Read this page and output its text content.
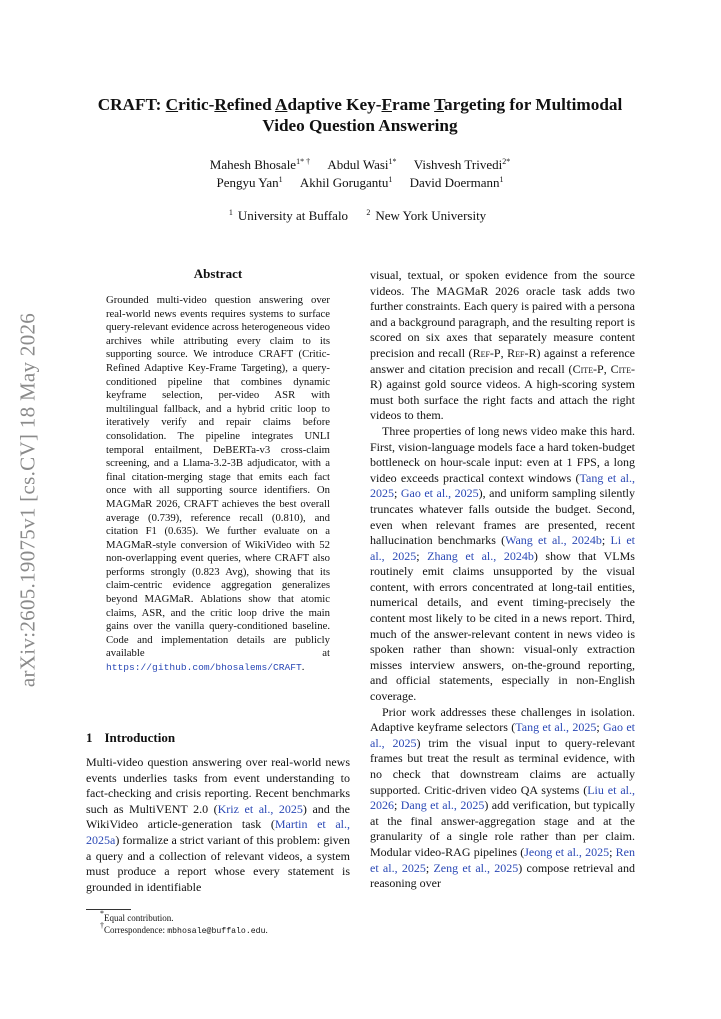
arXiv:2605.19075v1 [cs.CV] 18 May 2026
CRAFT: Critic-Refined Adaptive Key-Frame Targeting for Multimodal
Video Question Answering
Mahesh Bhosale$^{1* \dagger}$ Abdul Wasi$^{1*}$ Vishvesh Trivedi$^{2*}$
Pengyu Yan$^1$ Akhil Gorugantu$^1$ David Doermann$^1$
$^1$ University at Buffalo $^2$ New York University
Abstract
Grounded multi-video question answering over real-world news events requires systems to surface query-relevant evidence across heterogeneous video archives while attributing every claim to its supporting source. We introduce CRAFT (Critic-Refined Adaptive Key-Frame Targeting), a query-conditioned pipeline that combines dynamic keyframe selection, per-video ASR with multilingual fallback, and a hybrid critic loop to iteratively verify and repair claims before consolidation. The pipeline integrates UNLI temporal entailment, DeBERTa-v3 cross-claim screening, and a Llama-3.2-3B adjudicator, with a final citation-merging stage that emits each fact once with all supporting source identifiers. On MAGMaR 2026, CRAFT achieves the best overall average (0.739), reference recall (0.810), and citation F1 (0.635). We further evaluate on a MAGMaR-style conversion of WikiVideo with 52 non-overlapping event queries, where CRAFT also performs strongly (0.823 Avg), showing that its claim-centric evidence aggregation generalizes beyond MAGMaR. Ablations show that atomic claims, ASR, and the critic loop drive the main gains over the vanilla query-conditioned baseline. Code and implementation details are publicly available at https://github.com/bhosalems/CRAFT.
1 Introduction
Multi-video question answering over real-world news events underlies tasks from event understanding to fact-checking and crisis reporting. Recent benchmarks such as MultiVENT 2.0 (Kriz et al., 2025) and the WikiVideo article-generation task (Martin et al., 2025a) formalize a strict variant of this problem: given a query and a collection of relevant videos, a system must produce a report whose every statement is grounded in identifiable
*Equal contribution.
†Correspondence: mbhosale@buffalo.edu.

visual, textual, or spoken evidence from the source videos. The MAGMaR 2026 oracle task adds two further constraints. Each query is paired with a persona and a background paragraph, and the resulting report is scored on six axes that separately measure content precision and recall (Ref-P, Ref-R) against a reference answer and citation precision and recall (Cite-P, Cite-R) against gold source videos. A high-scoring system must both surface the right facts and attach the right videos to them.

Three properties of long news video make this hard. First, vision-language models face a hard token-budget bottleneck on hour-scale input: even at 1 FPS, a long video exceeds practical context windows (Tang et al., 2025; Gao et al., 2025), and uniform sampling silently truncates whatever falls outside the budget. Second, even when relevant frames are presented, recent hallucination benchmarks (Wang et al., 2024b; Li et al., 2025; Zhang et al., 2024b) show that VLMs routinely emit claims unsupported by the visual content, with errors concentrated at long-tail entities, numerical details, and event timing-precisely the content most likely to be cited in a news report. Third, much of the answer-relevant content in news video is spoken rather than shown: visual-only extraction misses interview answers, on-the-ground reporting, and official statements, especially in non-English coverage.

Prior work addresses these challenges in isolation. Adaptive keyframe selectors (Tang et al., 2025; Gao et al., 2025) trim the visual input to query-relevant frames but treat the result as terminal evidence, with no check that downstream claims are actually supported. Critic-driven video QA systems (Liu et al., 2026; Dang et al., 2025) add verification, but typically at the final answer-aggregation stage and at the granularity of a single role rather than per claim. Modular video-RAG pipelines (Jeong et al., 2025; Ren et al., 2025; Zeng et al., 2025) compose retrieval and reasoning over
